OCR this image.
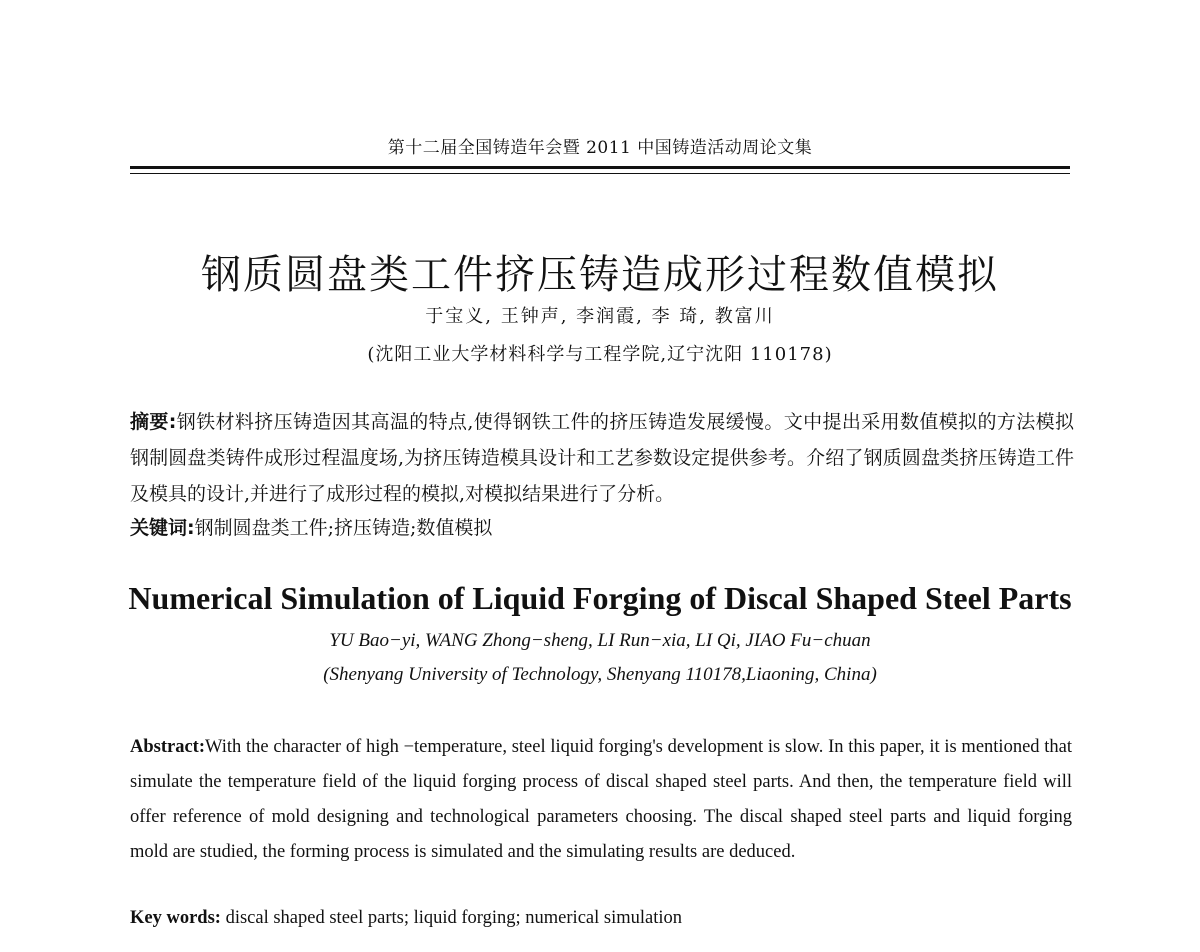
第十二届全国铸造年会暨 2011 中国铸造活动周论文集
钢质圆盘类工件挤压铸造成形过程数值模拟
于宝义, 王钟声, 李润霞, 李 琦, 教富川
(沈阳工业大学材料科学与工程学院,辽宁沈阳 110178)
摘要:钢铁材料挤压铸造因其高温的特点,使得钢铁工件的挤压铸造发展缓慢。文中提出采用数值模拟的方法模拟钢制圆盘类铸件成形过程温度场,为挤压铸造模具设计和工艺参数设定提供参考。介绍了钢质圆盘类挤压铸造工件及模具的设计,并进行了成形过程的模拟,对模拟结果进行了分析。
关键词:钢制圆盘类工件;挤压铸造;数值模拟
Numerical Simulation of Liquid Forging of Discal Shaped Steel Parts
YU Bao−yi, WANG Zhong−sheng, LI Run−xia, LI Qi, JIAO Fu−chuan
(Shenyang University of Technology, Shenyang 110178,Liaoning, China)
Abstract:With the character of high −temperature, steel liquid forging's development is slow. In this paper, it is mentioned that simulate the temperature field of the liquid forging process of discal shaped steel parts. And then, the temperature field will offer reference of mold designing and technological parameters choosing. The discal shaped steel parts and liquid forging mold are studied, the forming process is simulated and the simulating results are deduced.
Key words: discal shaped steel parts; liquid forging; numerical simulation
